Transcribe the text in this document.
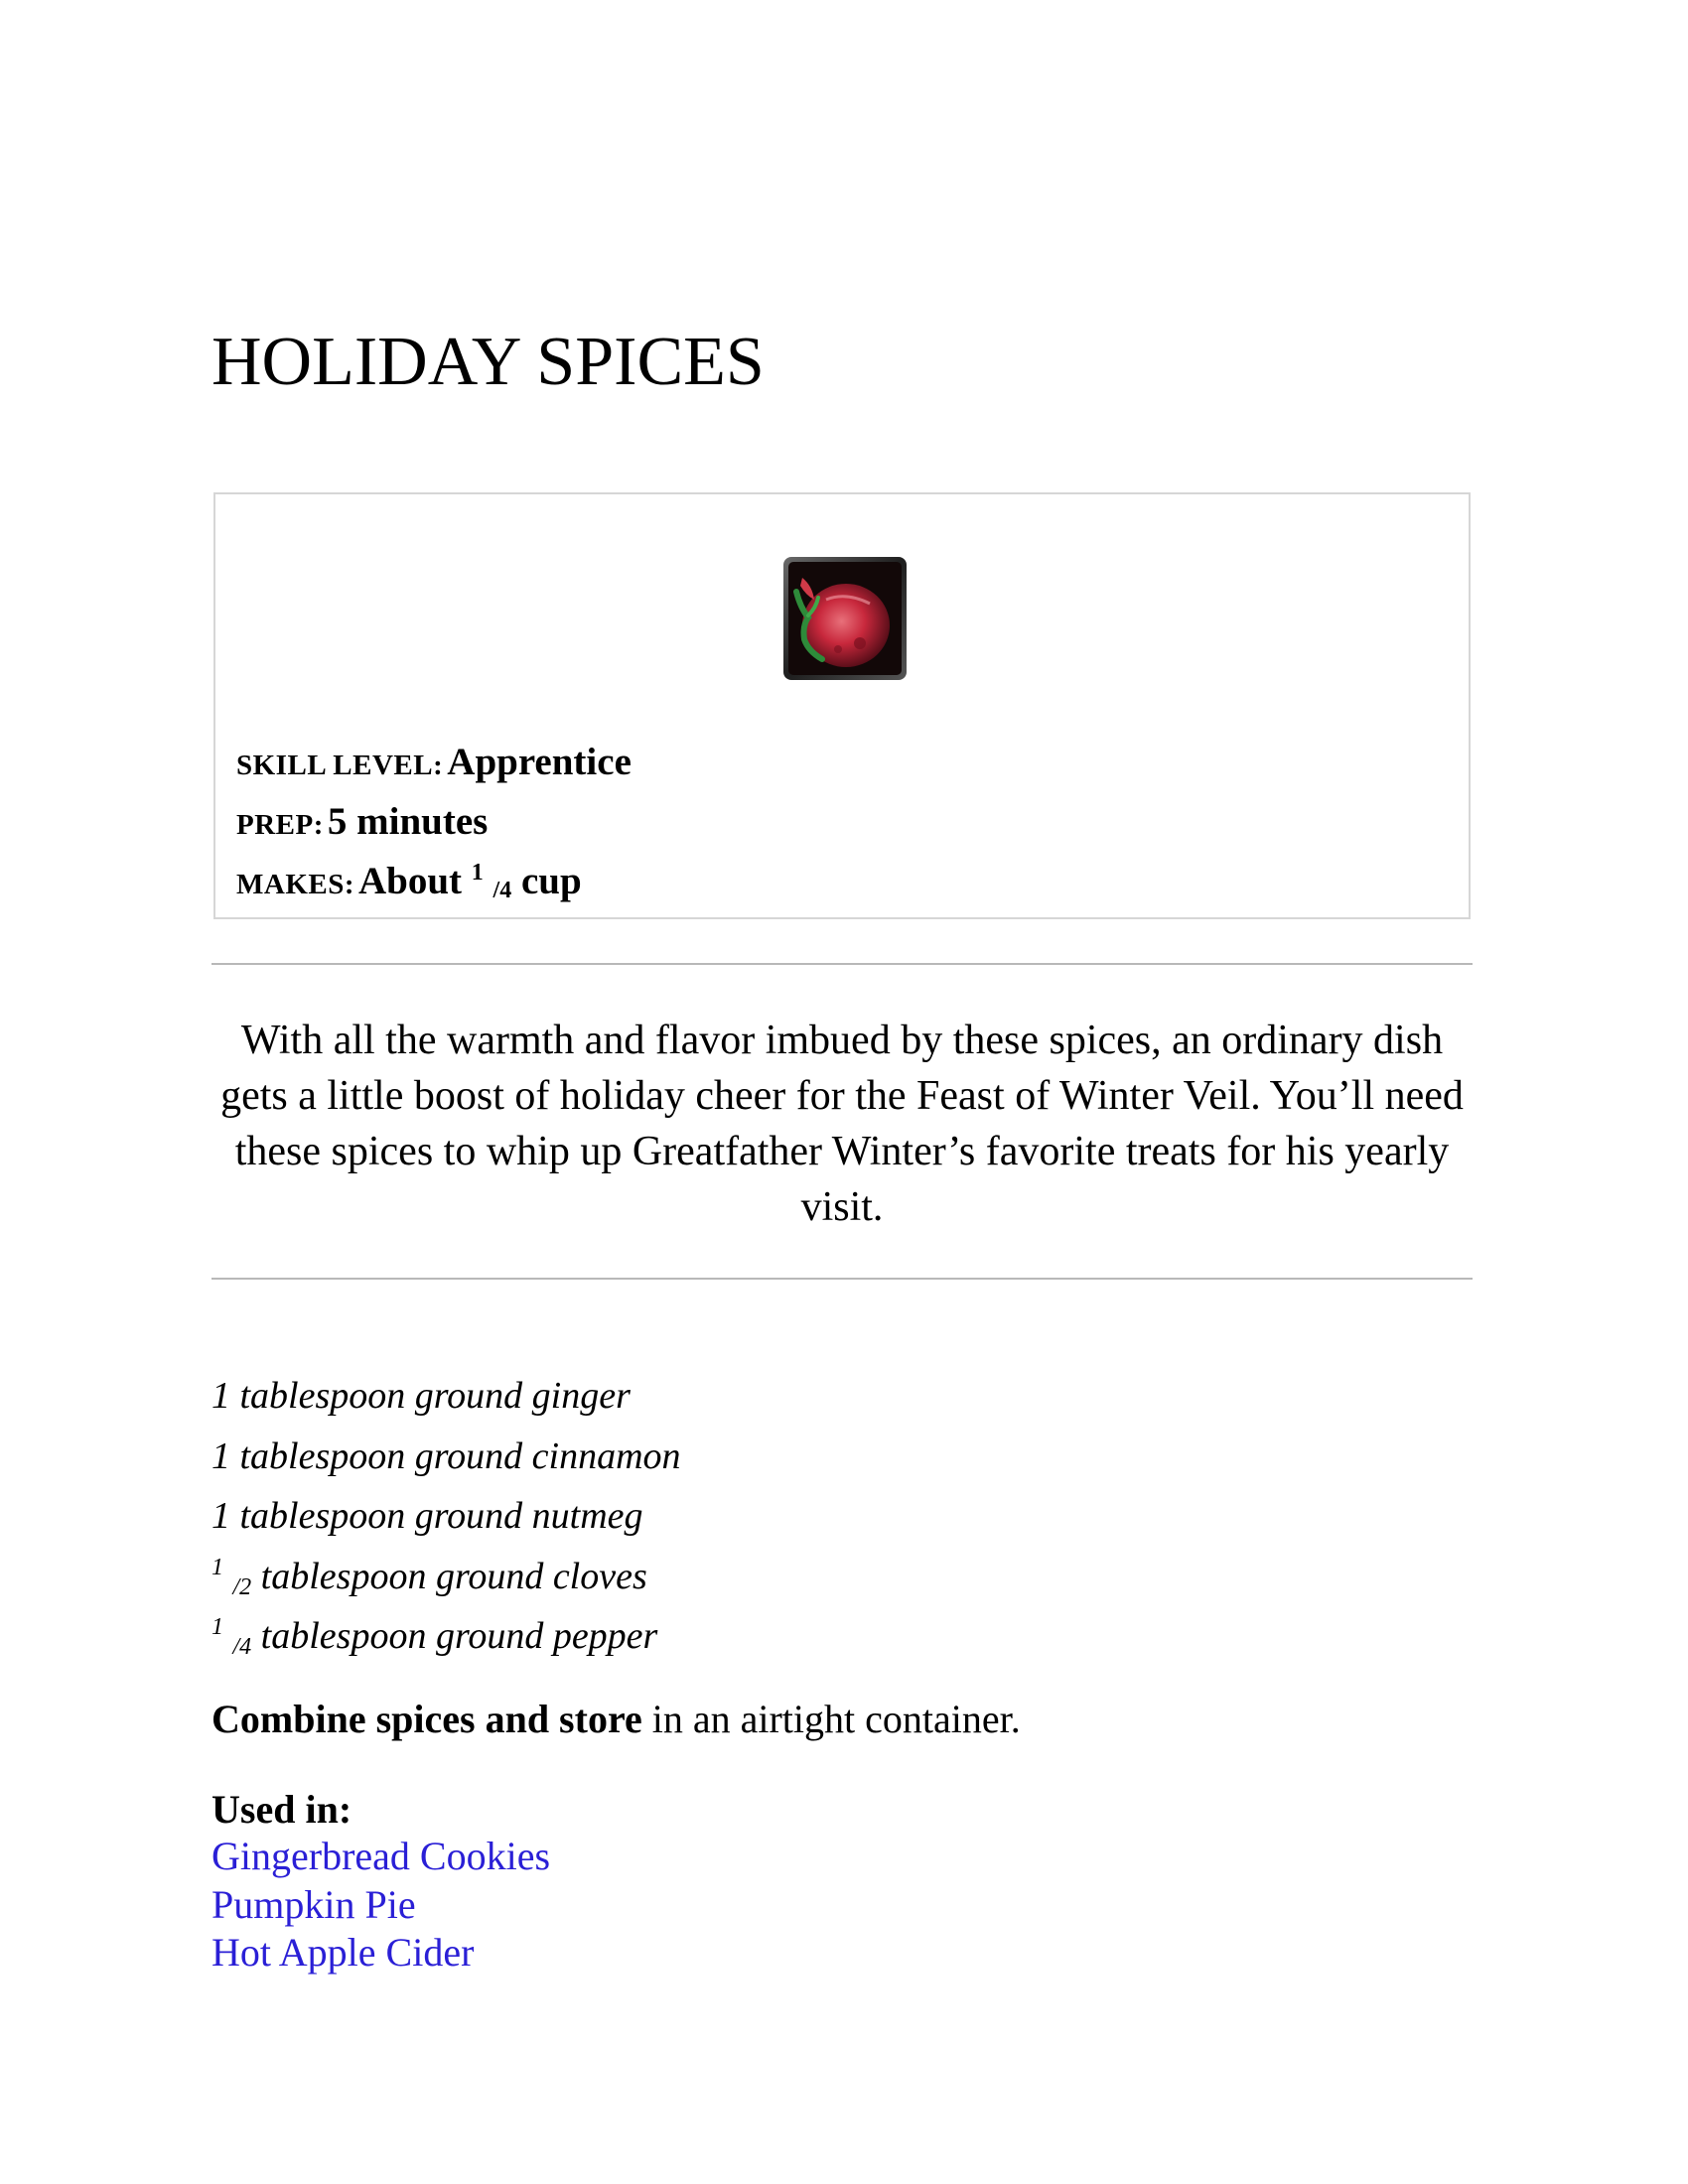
HOLIDAY SPICES
SKILL LEVEL: Apprentice
PREP: 5 minutes
MAKES: About $^1$ /4 cup

With all the warmth and flavor imbued by these spices, an ordinary dish gets a little boost of holiday cheer for the Feast of Winter Veil. You’ll need these spices to whip up Greatfather Winter’s favorite treats for his yearly visit.

1 tablespoon ground ginger
1 tablespoon ground cinnamon
1 tablespoon ground nutmeg
$^1$ /2 tablespoon ground cloves
$^1$ /4 tablespoon ground pepper

Combine spices and store in an airtight container.

Used in:

Gingerbread Cookies
Pumpkin Pie
Hot Apple Cider
